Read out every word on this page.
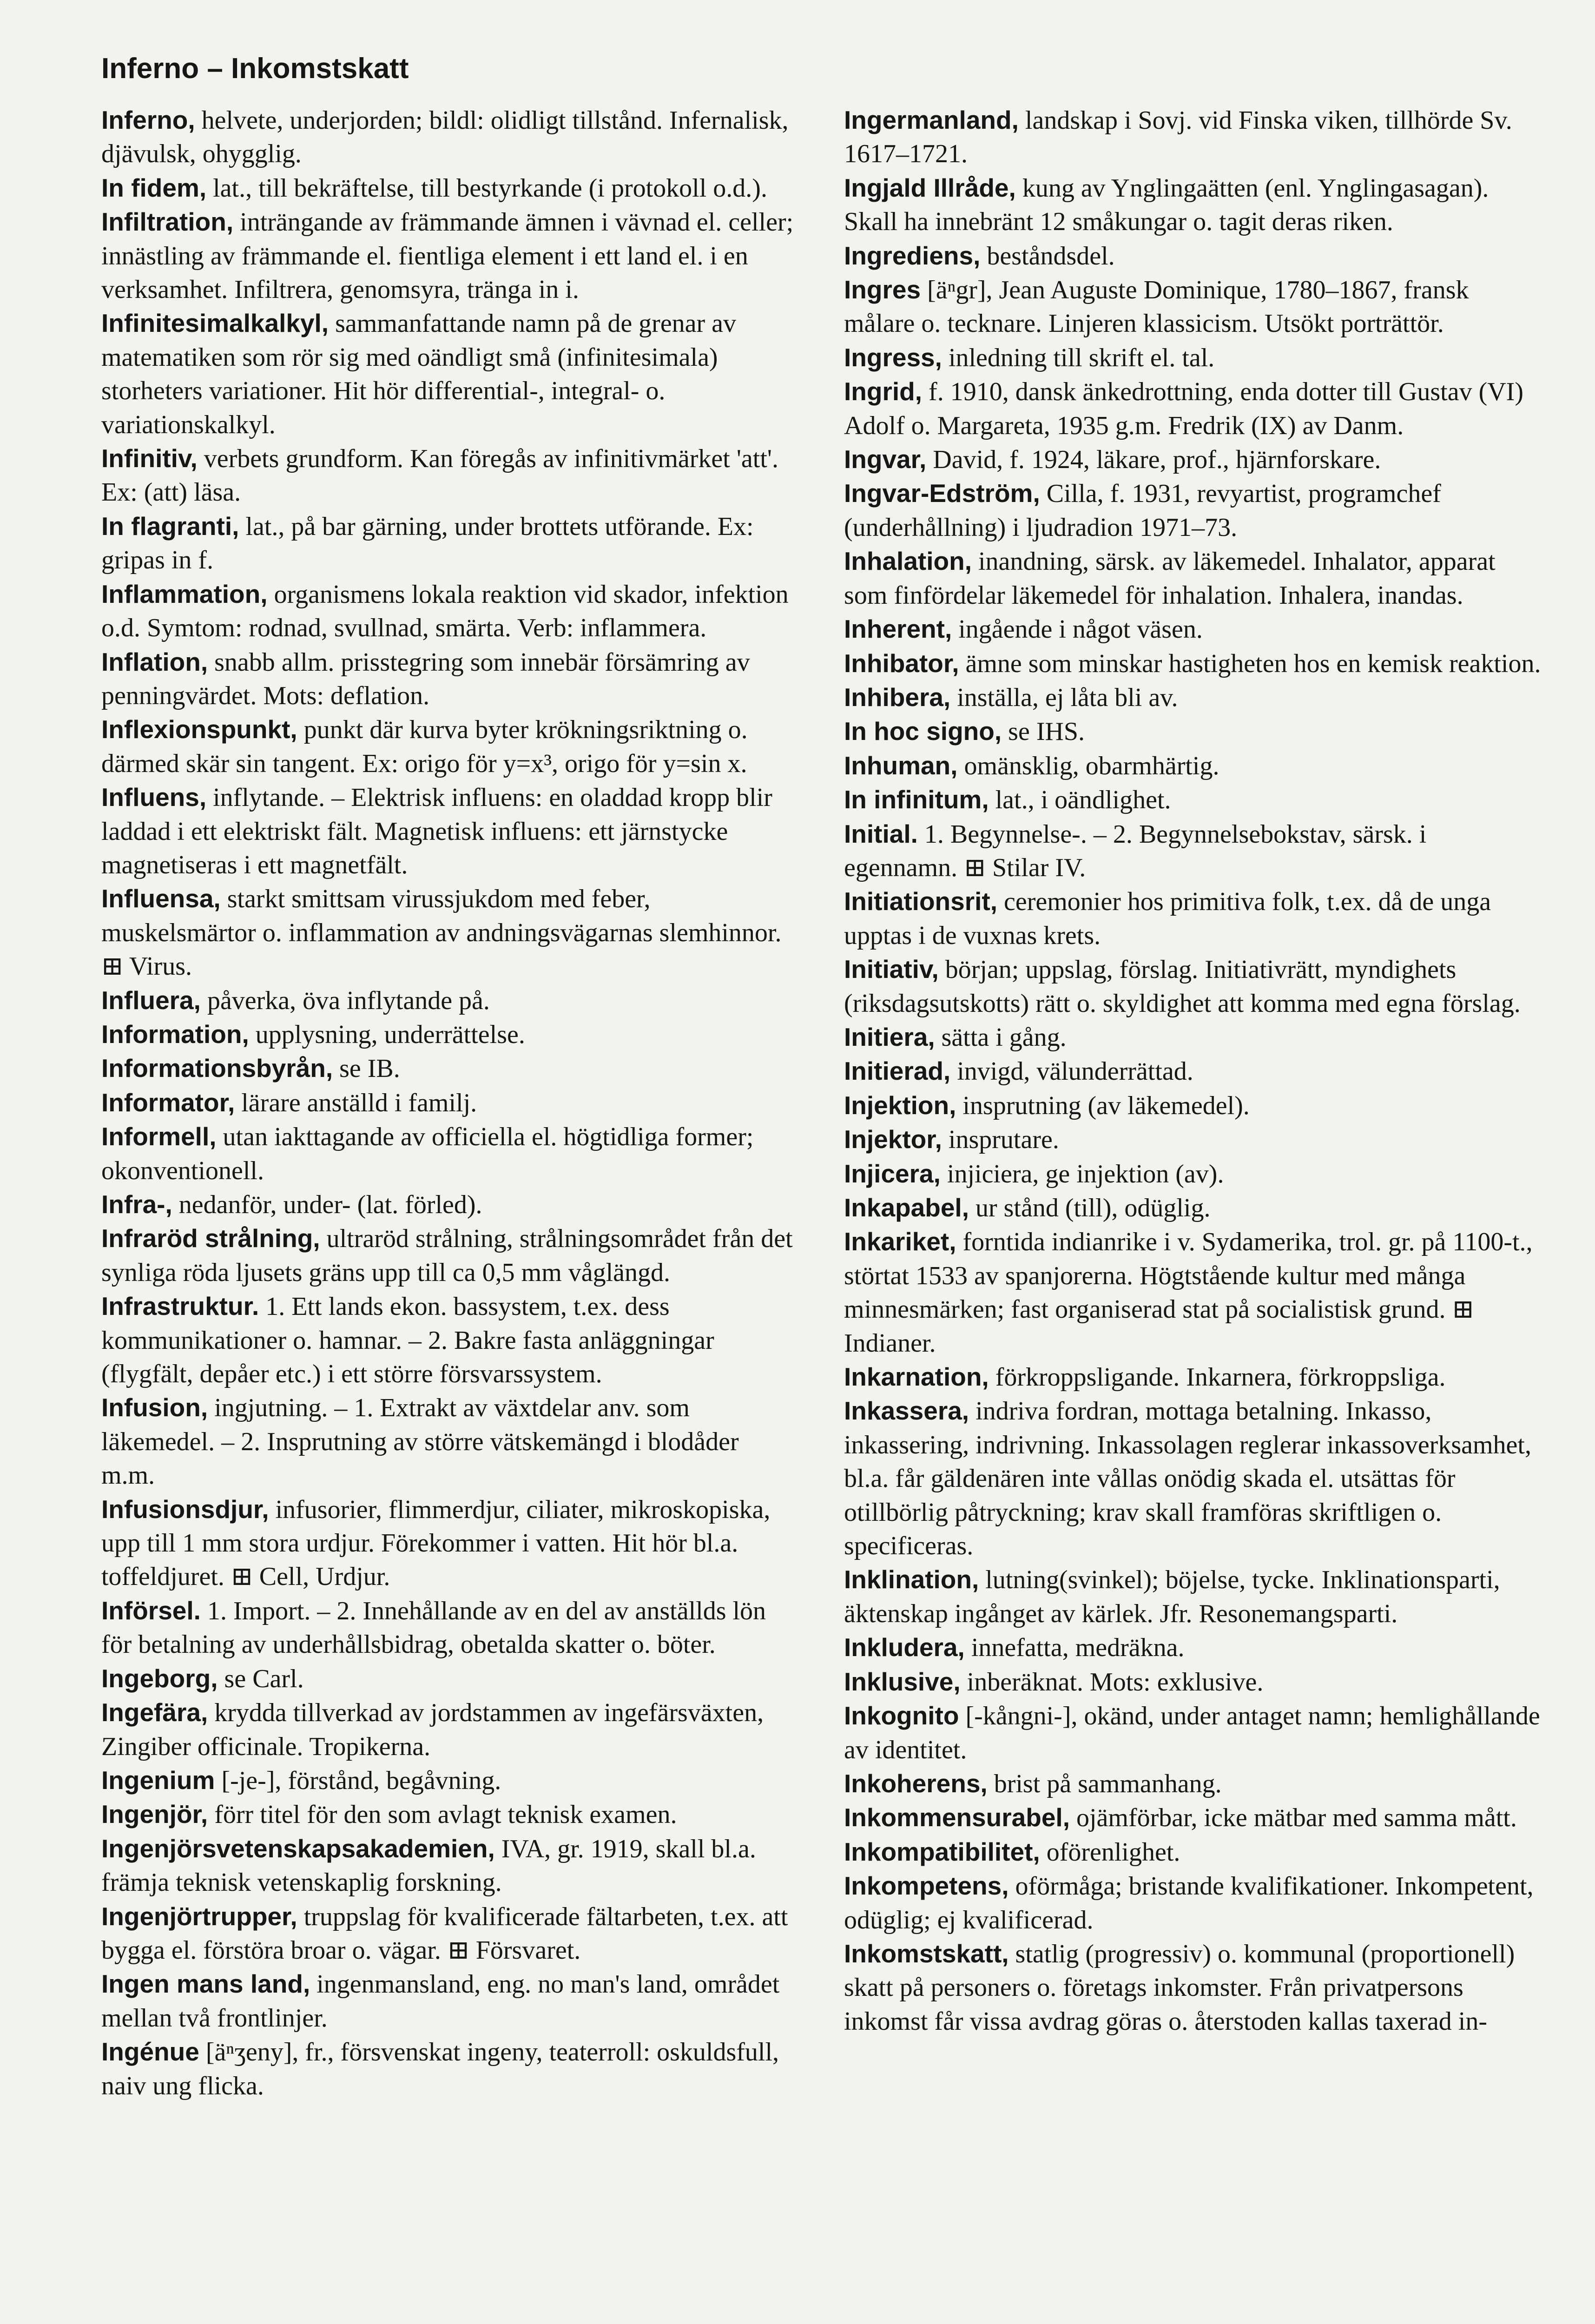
Inferno – Inkomstskatt

Inferno, helvete, underjorden; bildl: olidligt tillstånd. Infernalisk, djävulsk, ohygglig.

In fidem, lat., till bekräftelse, till bestyrkande (i protokoll o.d.).

Infiltration, inträngande av främmande ämnen i vävnad el. celler; innästling av främmande el. fientliga element i ett land el. i en verksamhet. Infiltrera, genomsyra, tränga in i.

Infinitesimalkalkyl, sammanfattande namn på de grenar av matematiken som rör sig med oändligt små (infinitesimala) storheters variationer. Hit hör differential-, integral- o. variationskalkyl.

Infinitiv, verbets grundform. Kan föregås av infinitivmärket 'att'. Ex: (att) läsa.

In flagranti, lat., på bar gärning, under brottets utförande. Ex: gripas in f.

Inflammation, organismens lokala reaktion vid skador, infektion o.d. Symtom: rodnad, svullnad, smärta. Verb: inflammera.

Inflation, snabb allm. prisstegring som innebär försämring av penningvärdet. Mots: deflation.

Inflexionspunkt, punkt där kurva byter krökningsriktning o. därmed skär sin tangent. Ex: origo för y=x³, origo för y=sin x.

Influens, inflytande. – Elektrisk influens: en oladdad kropp blir laddad i ett elektriskt fält. Magnetisk influens: ett järnstycke magnetiseras i ett magnetfält.

Influensa, starkt smittsam virussjukdom med feber, muskelsmärtor o. inflammation av andningsvägarnas slemhinnor. ⊞ Virus.

Influera, påverka, öva inflytande på.

Information, upplysning, underrättelse.

Informationsbyrån, se IB.

Informator, lärare anställd i familj.

Informell, utan iakttagande av officiella el. högtidliga former; okonventionell.

Infra-, nedanför, under- (lat. förled).

Infraröd strålning, ultraröd strålning, strålningsområdet från det synliga röda ljusets gräns upp till ca 0,5 mm våglängd.

Infrastruktur. 1. Ett lands ekon. bassystem, t.ex. dess kommunikationer o. hamnar. – 2. Bakre fasta anläggningar (flygfält, depåer etc.) i ett större försvarssystem.

Infusion, ingjutning. – 1. Extrakt av växtdelar anv. som läkemedel. – 2. Insprutning av större vätskemängd i blodåder m.m.

Infusionsdjur, infusorier, flimmerdjur, ciliater, mikroskopiska, upp till 1 mm stora urdjur. Förekommer i vatten. Hit hör bl.a. toffeldjuret. ⊞ Cell, Urdjur.

Införsel. 1. Import. – 2. Innehållande av en del av anställds lön för betalning av underhållsbidrag, obetalda skatter o. böter.

Ingeborg, se Carl.

Ingefära, krydda tillverkad av jordstammen av ingefärsväxten, Zingiber officinale. Tropikerna.

Ingenium [-je-], förstånd, begåvning.

Ingenjör, förr titel för den som avlagt teknisk examen.

Ingenjörsvetenskapsakademien, IVA, gr. 1919, skall bl.a. främja teknisk vetenskaplig forskning.

Ingenjörtrupper, truppslag för kvalificerade fältarbeten, t.ex. att bygga el. förstöra broar o. vägar. ⊞ Försvaret.

Ingen mans land, ingenmansland, eng. no man's land, området mellan två frontlinjer.

Ingénue [äⁿʒeny], fr., försvenskat ingeny, teaterroll: oskuldsfull, naiv ung flicka.

Ingermanland, landskap i Sovj. vid Finska viken, tillhörde Sv. 1617–1721.

Ingjald Illråde, kung av Ynglingaätten (enl. Ynglingasagan). Skall ha innebränt 12 småkungar o. tagit deras riken.

Ingrediens, beståndsdel.

Ingres [äⁿgr], Jean Auguste Dominique, 1780–1867, fransk målare o. tecknare. Linjeren klassicism. Utsökt porträttör.

Ingress, inledning till skrift el. tal.

Ingrid, f. 1910, dansk änkedrottning, enda dotter till Gustav (VI) Adolf o. Margareta, 1935 g.m. Fredrik (IX) av Danm.

Ingvar, David, f. 1924, läkare, prof., hjärnforskare.

Ingvar-Edström, Cilla, f. 1931, revyartist, programchef (underhållning) i ljudradion 1971–73.

Inhalation, inandning, särsk. av läkemedel. Inhalator, apparat som finfördelar läkemedel för inhalation. Inhalera, inandas.

Inherent, ingående i något väsen.

Inhibator, ämne som minskar hastigheten hos en kemisk reaktion.

Inhibera, inställa, ej låta bli av.

In hoc signo, se IHS.

Inhuman, omänsklig, obarmhärtig.

In infinitum, lat., i oändlighet.

Initial. 1. Begynnelse-. – 2. Begynnelsebokstav, särsk. i egennamn. ⊞ Stilar IV.

Initiationsrit, ceremonier hos primitiva folk, t.ex. då de unga upptas i de vuxnas krets.

Initiativ, början; uppslag, förslag. Initiativrätt, myndighets (riksdagsutskotts) rätt o. skyldighet att komma med egna förslag.

Initiera, sätta i gång.

Initierad, invigd, välunderrättad.

Injektion, insprutning (av läkemedel).

Injektor, insprutare.

Injicera, injiciera, ge injektion (av).

Inkapabel, ur stånd (till), odüglig.

Inkariket, forntida indianrike i v. Sydamerika, trol. gr. på 1100-t., störtat 1533 av spanjorerna. Högtstående kultur med många minnesmärken; fast organiserad stat på socialistisk grund. ⊞ Indianer.

Inkarnation, förkroppsligande. Inkarnera, förkroppsliga.

Inkassera, indriva fordran, mottaga betalning. Inkasso, inkassering, indrivning. Inkassolagen reglerar inkassoverksamhet, bl.a. får gäldenären inte vållas onödig skada el. utsättas för otillbörlig påtryckning; krav skall framföras skriftligen o. specificeras.

Inklination, lutning(svinkel); böjelse, tycke. Inklinationsparti, äktenskap ingånget av kärlek. Jfr. Resonemangsparti.

Inkludera, innefatta, medräkna.

Inklusive, inberäknat. Mots: exklusive.

Inkognito [-kångni-], okänd, under antaget namn; hemlighållande av identitet.

Inkoherens, brist på sammanhang.

Inkommensurabel, ojämförbar, icke mätbar med samma mått.

Inkompatibilitet, oförenlighet.

Inkompetens, oförmåga; bristande kvalifikationer. Inkompetent, odüglig; ej kvalificerad.

Inkomstskatt, statlig (progressiv) o. kommunal (proportionell) skatt på personers o. företags inkomster. Från privatpersons inkomst får vissa avdrag göras o. återstoden kallas taxerad in-
